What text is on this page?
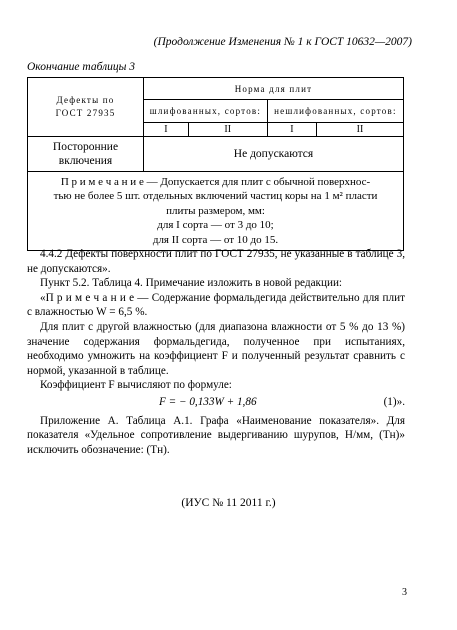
(Продолжение Изменения № 1 к ГОСТ 10632—2007)
Окончание таблицы 3
Дефекты по
ГОСТ 27935	Норма для плит			
	шлифованных, сортов:		нешлифованных, сортов:	
	I	II	I	II
Посторонние
включения	Не допускаются			

П р и м е ч а н и е — Допускается для плит с обычной поверхнос-
тью не более 5 шт. отдельных включений частиц коры на 1 м² пласти
плиты размером, мм:
для I сорта — от 3 до 10;
для II сорта — от 10 до 15.				

4.4.2 Дефекты поверхности плит по ГОСТ 27935, не указанные в таблице 3, не допускаются».

Пункт 5.2. Таблица 4. Примечание изложить в новой редакции:

«П р и м е ч а н и е — Содержание формальдегида действительно для плит с влажностью W = 6,5 %.

Для плит с другой влажностью (для диапазона влажности от 5 % до 13 %) значение содержания формальдегида, полученное при испытаниях, необходимо умножить на коэффициент F и полученный результат сравнить с нормой, указанной в таблице.

Коэффициент F вычисляют по формуле:

F = − 0,133W + 1,86	(1)».

Приложение А. Таблица А.1. Графа «Наименование показателя». Для показателя «Удельное сопротивление выдергиванию шурупов, Н/мм, (Тн)» исключить обозначение: (Тн).

(ИУС № 11 2011 г.)
3
